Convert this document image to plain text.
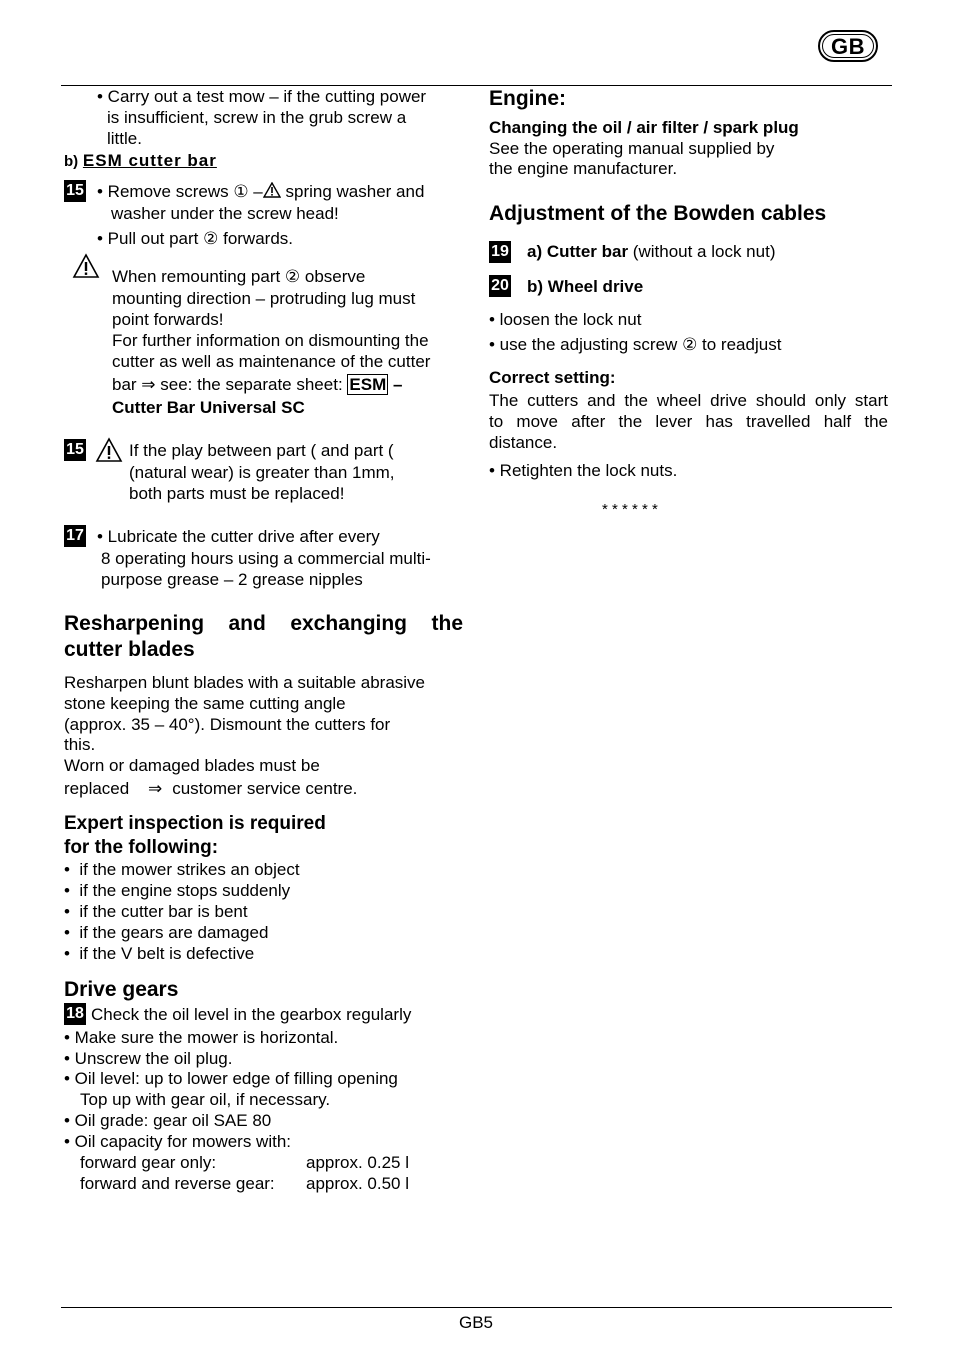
GB
• Carry out a test mow – if the cutting power
is insufficient, screw in the grub screw a
little.
b) ESM cutter bar
15 • Remove screws ① – spring washer and
washer under the screw head!
• Pull out part ② forwards.
When remounting part ② observe
mounting direction – protruding lug must
point forwards!
For further information on dismounting the
cutter as well as maintenance of the cutter
bar ⇒ see: the separate sheet: ESM –
Cutter Bar Universal SC
15	If the play between part ( and part (
(natural wear) is greater than 1mm,
both parts must be replaced!
17 • Lubricate the cutter drive after every
8 operating hours using a commercial multi-
purpose grease – 2 grease nipples
Resharpening and exchanging the
cutter blades
Resharpen blunt blades with a suitable abrasive
stone keeping the same cutting angle
(approx. 35 – 40°). Dismount the cutters for
this.
Worn or damaged blades must be
replaced ⇒ customer service centre.
Expert inspection is required
for the following:
•  if the mower strikes an object
•  if the engine stops suddenly
•  if the cutter bar is bent
•  if the gears are damaged
•  if the V belt is defective
Drive gears
18 Check the oil level in the gearbox regularly
• Make sure the mower is horizontal.
• Unscrew the oil plug.
• Oil level: up to lower edge of filling opening
Top up with gear oil, if necessary.
• Oil grade: gear oil SAE 80
• Oil capacity for mowers with:
forward gear only:	approx. 0.25 l
forward and reverse gear: approx. 0.50 l
Engine:
Changing the oil / air filter / spark plug
See the operating manual supplied by
the engine manufacturer.
Adjustment of the Bowden cables
19 a) Cutter bar (without a lock nut)
20 b) Wheel drive
• loosen the lock nut
• use the adjusting screw ② to readjust
Correct setting:
The cutters and the wheel drive should only start
to move after the lever has travelled half the
distance.
• Retighten the lock nuts.
* * * * * *
GB5
